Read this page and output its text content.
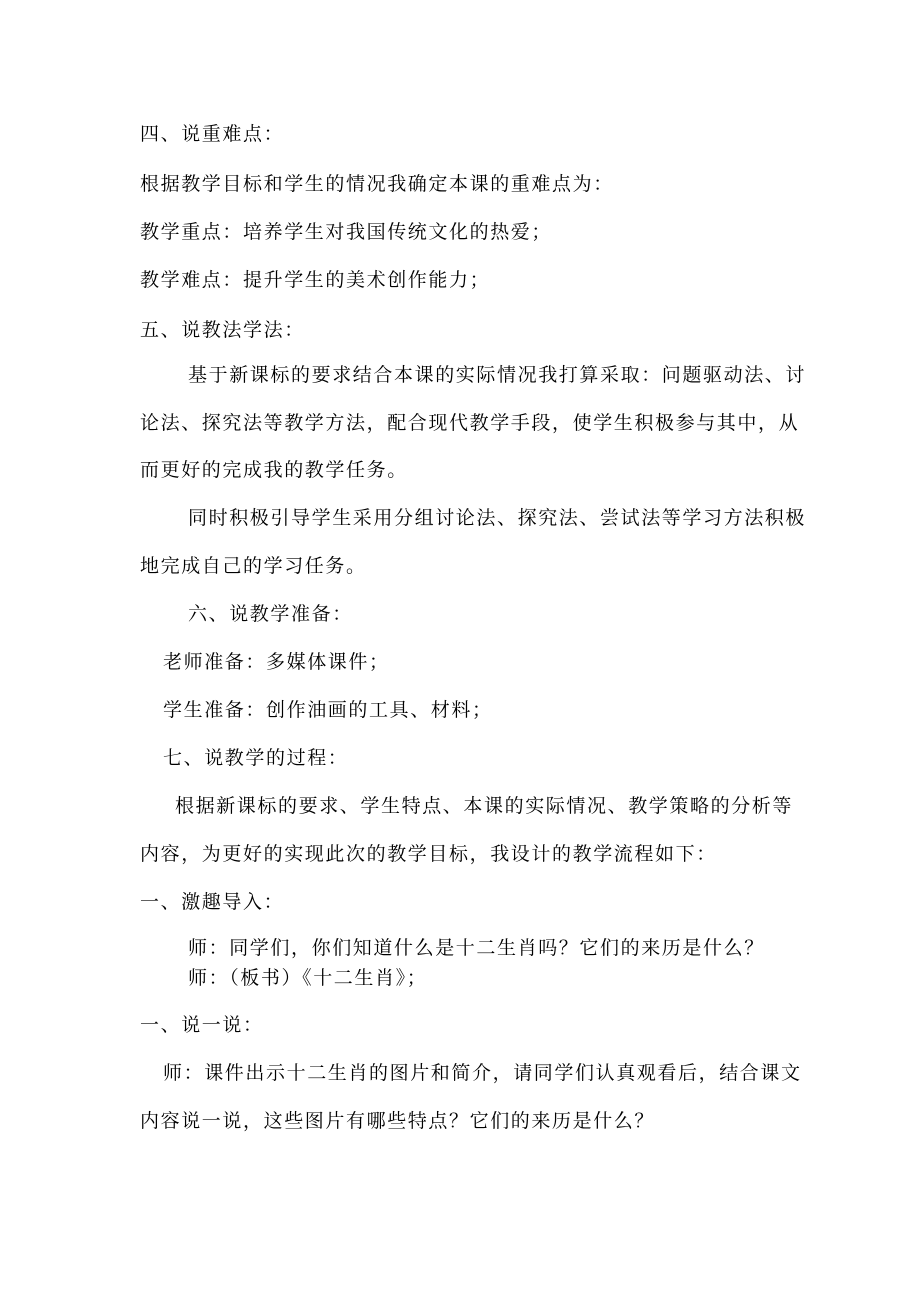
四、说重难点：
根据教学目标和学生的情况我确定本课的重难点为：
教学重点：培养学生对我国传统文化的热爱；
教学难点：提升学生的美术创作能力；
五、说教法学法：
基于新课标的要求结合本课的实际情况我打算采取：问题驱动法、讨
论法、探究法等教学方法，配合现代教学手段，使学生积极参与其中，从
而更好的完成我的教学任务。
同时积极引导学生采用分组讨论法、探究法、尝试法等学习方法积极
地完成自己的学习任务。
六、说教学准备：
老师准备：多媒体课件；
学生准备：创作油画的工具、材料；
七、说教学的过程：
根据新课标的要求、学生特点、本课的实际情况、教学策略的分析等
内容，为更好的实现此次的教学目标，我设计的教学流程如下：
一、激趣导入：
师：同学们，你们知道什么是十二生肖吗？它们的来历是什么？
师：（板书）《十二生肖》；
一、说一说：
师：课件出示十二生肖的图片和简介，请同学们认真观看后，结合课文
内容说一说，这些图片有哪些特点？它们的来历是什么？
